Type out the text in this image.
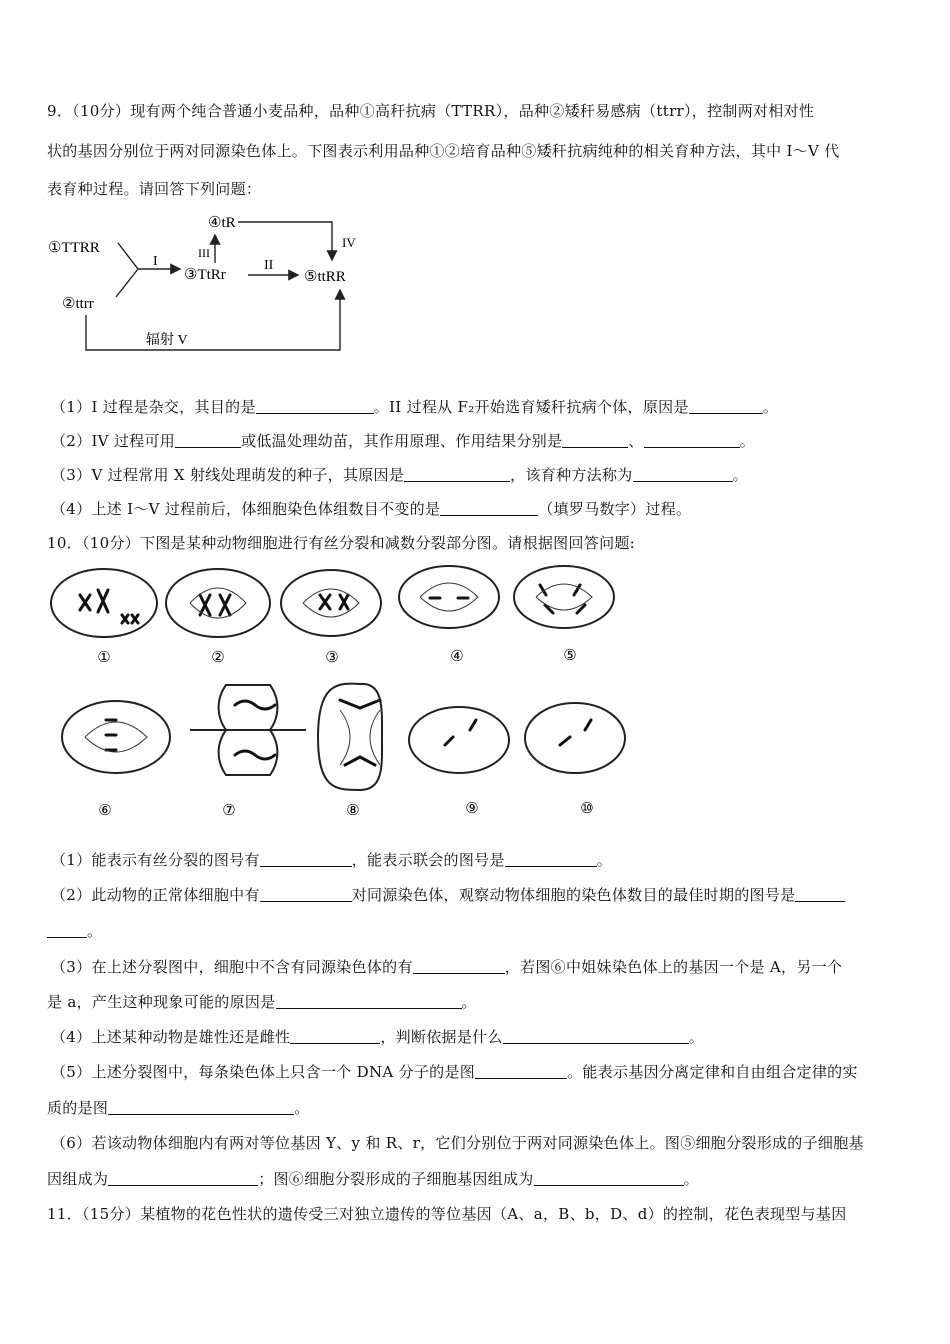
9．（10分）现有两个纯合普通小麦品种，品种①高秆抗病（TTRR），品种②矮秆易感病（ttrr），控制两对相对性
状的基因分别位于两对同源染色体上。下图表示利用品种①②培育品种⑤矮秆抗病纯种的相关育种方法，其中 I～V 代
表育种过程。请回答下列问题：
①TTRR
②ttrr
③TtRr
④tR
⑤ttRR
I	II
III
IV
辐射 V
（1）I 过程是杂交，其目的是	。II 过程从 F₂开始选育矮秆抗病个体，原因是	。
（2）IV 过程可用	或低温处理幼苗，其作用原理、作用结果分别是	、	。
（3）V 过程常用 X 射线处理萌发的种子，其原因是	，该育种方法称为	。
（4）上述 I～V 过程前后，体细胞染色体组数目不变的是	（填罗马数字）过程。
10．（10分）下图是某种动物细胞进行有丝分裂和减数分裂部分图。请根据图回答问题:
①	②	③	④	⑤
⑥	⑦	⑧	⑨	⑩
（1）能表示有丝分裂的图号有	，能表示联会的图号是	。
（2）此动物的正常体细胞中有	对同源染色体，观察动物体细胞的染色体数目的最佳时期的图号是
。
（3）在上述分裂图中，细胞中不含有同源染色体的有	，若图⑥中姐妹染色体上的基因一个是 A，另一个
是 a，产生这种现象可能的原因是	。
（4）上述某种动物是雄性还是雌性	，判断依据是什么	。
（5）上述分裂图中，每条染色体上只含一个 DNA 分子的是图	。能表示基因分离定律和自由组合定律的实
质的是图	。
（6）若该动物体细胞内有两对等位基因 Y、y 和 R、r，它们分别位于两对同源染色体上。图⑤细胞分裂形成的子细胞基
因组成为	；图⑥细胞分裂形成的子细胞基因组成为	。
11．（15分）某植物的花色性状的遗传受三对独立遗传的等位基因（A、a，B、b，D、d）的控制，花色表现型与基因
